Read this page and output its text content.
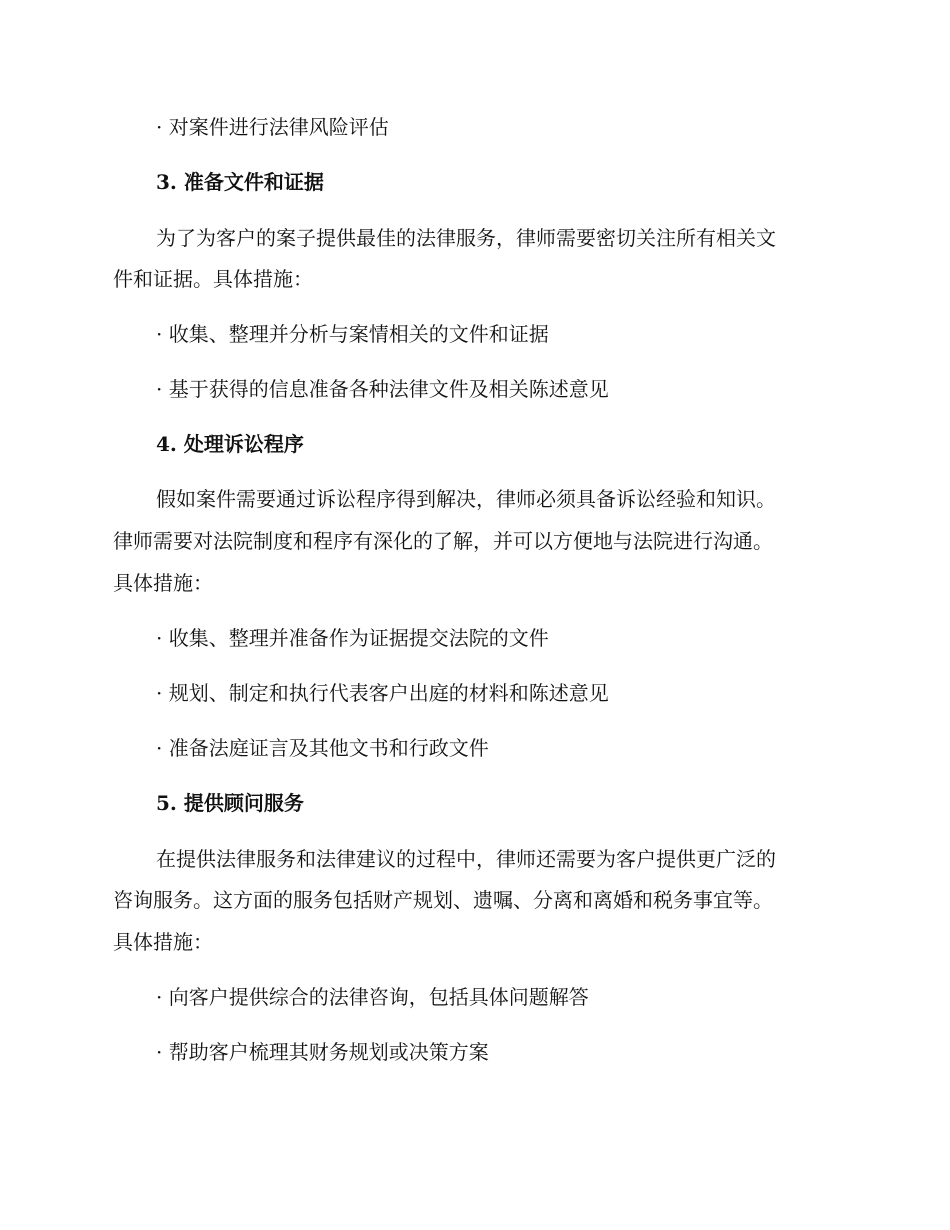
· 对案件进行法律风险评估
3. 准备文件和证据
为了为客户的案子提供最佳的法律服务，律师需要密切关注所有相关文
件和证据。具体措施：
· 收集、整理并分析与案情相关的文件和证据
· 基于获得的信息准备各种法律文件及相关陈述意见
4. 处理诉讼程序
假如案件需要通过诉讼程序得到解决，律师必须具备诉讼经验和知识。
律师需要对法院制度和程序有深化的了解，并可以方便地与法院进行沟通。
具体措施：
· 收集、整理并准备作为证据提交法院的文件
· 规划、制定和执行代表客户出庭的材料和陈述意见
· 准备法庭证言及其他文书和行政文件
5. 提供顾问服务
在提供法律服务和法律建议的过程中，律师还需要为客户提供更广泛的
咨询服务。这方面的服务包括财产规划、遗嘱、分离和离婚和税务事宜等。
具体措施：
· 向客户提供综合的法律咨询，包括具体问题解答
· 帮助客户梳理其财务规划或决策方案
